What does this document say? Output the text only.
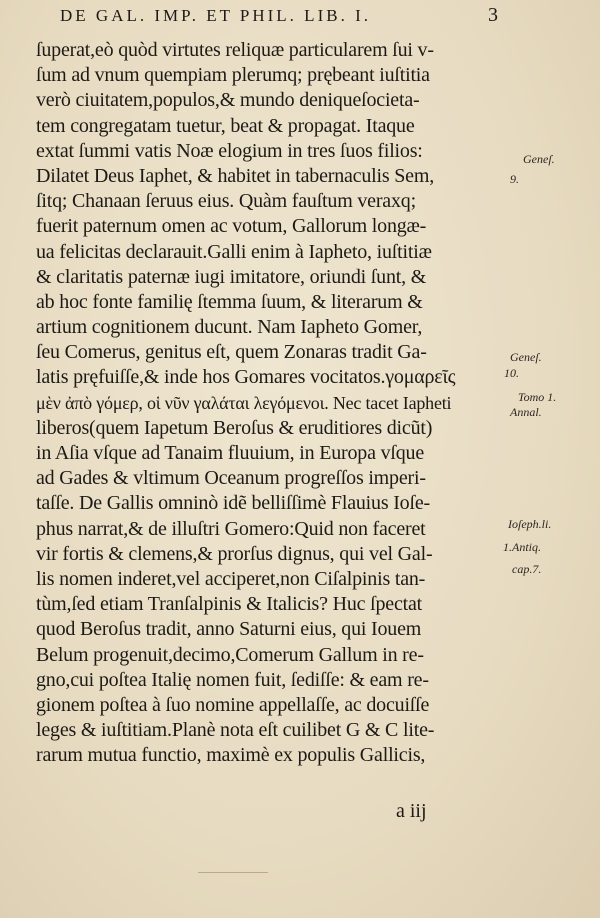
DE GAL. IMP. ET PHIL. LIB. I.	3
ſuperat,eò quòd virtutes reliquæ particularem ſui v-
ſum ad vnum quempiam plerumq; prębeant iuſtitia
verò ciuitatem,populos,& mundo deniqueſocieta-
tem congregatam tuetur, beat & propagat. Itaque
extat ſummi vatis Noæ elogium in tres ſuos filios:
Dilatet Deus Iaphet, & habitet in tabernaculis Sem,
ſitq; Chanaan ſeruus eius. Quàm fauſtum veraxq;
fuerit paternum omen ac votum, Gallorum longæ-
ua felicitas declarauit.Galli enim à Iapheto, iuſtitiæ
& claritatis paternæ iugi imitatore, oriundi ſunt, &
ab hoc fonte familię ſtemma ſuum, & literarum &
artium cognitionem ducunt. Nam Iapheto Gomer,
ſeu Comerus, genitus eſt, quem Zonaras tradit Ga-
latis pręfuiſſe,& inde hos Gomares vocitatos.γομαρεῖς
μὲν ἀπὸ γόμερ, οἱ νῦν γαλάται λεγόμενοι. Nec tacet Iapheti
liberos(quem Iapetum Beroſus & eruditiores dicũt)
in Aſia vſque ad Tanaim fluuium, in Europa vſque
ad Gades & vltimum Oceanum progreſſos imperi-
taſſe. De Gallis omninò idẽ belliſſimè Flauius Ioſe-
phus narrat,& de illuſtri Gomero:Quid non faceret
vir fortis & clemens,& prorſus dignus, qui vel Gal-
lis nomen inderet,vel acciperet,non Ciſalpinis tan-
tùm,ſed etiam Tranſalpinis & Italicis? Huc ſpectat
quod Beroſus tradit, anno Saturni eius, qui Iouem
Belum progenuit,decimo,Comerum Gallum in re-
gno,cui poſtea Italię nomen fuit, ſediſſe: & eam re-
gionem poſtea à ſuo nomine appellaſſe, ac docuiſſe
leges & iuſtitiam.Planè nota eſt cuilibet G & C lite-
rarum mutua functio, maximè ex populis Gallicis,
Geneſ.
9.
Geneſ.
10.
Tomo 1.
Annal.
Ioſeph.li.
1.Antiq.
cap.7.
a iij
